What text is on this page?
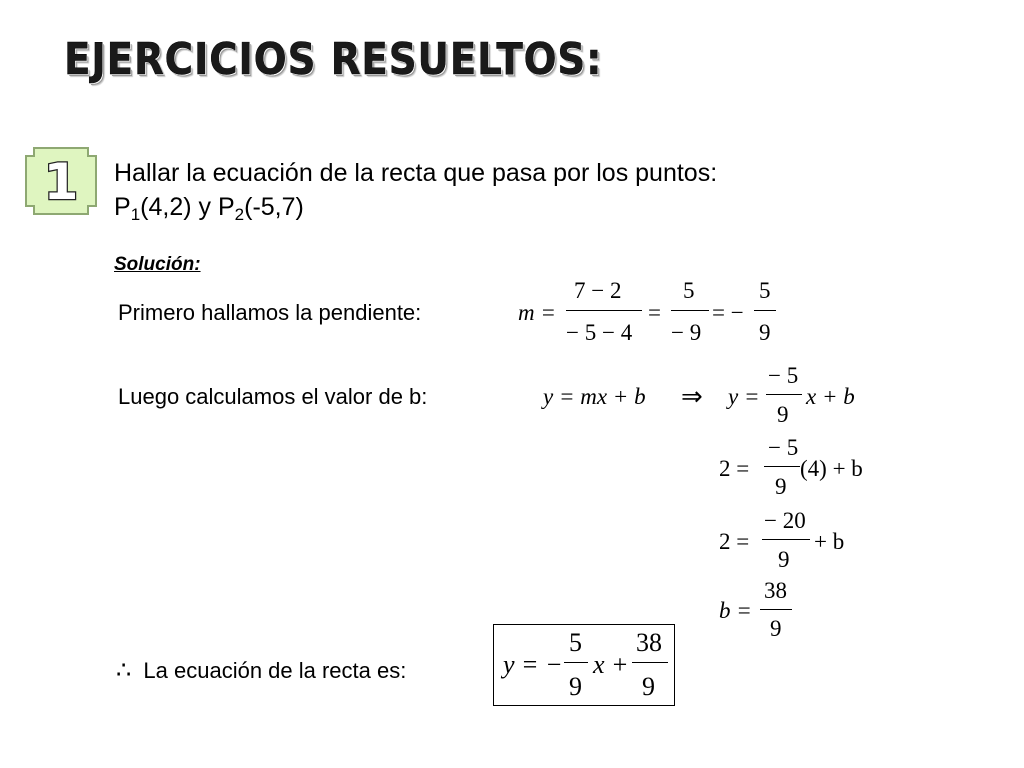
EJERCICIOS RESUELTOS:
1 Hallar la ecuación de la recta que pasa por los puntos:
$P_1(4,2)$ y $P_2(-5,7)$
Solución:
Primero hallamos la pendiente:	m =
7 − 2
− 5 − 4
=
5
− 9
= −
5
9
Luego calculamos el valor de b:	y = mx + b ⇒ y =
− 5
9
x + b
2 =
− 5
9
(4) + b
2 =
− 20
9
+ b
b =
38
9
∴ La ecuación de la recta es:	y = −
5
9
x +
38
9
